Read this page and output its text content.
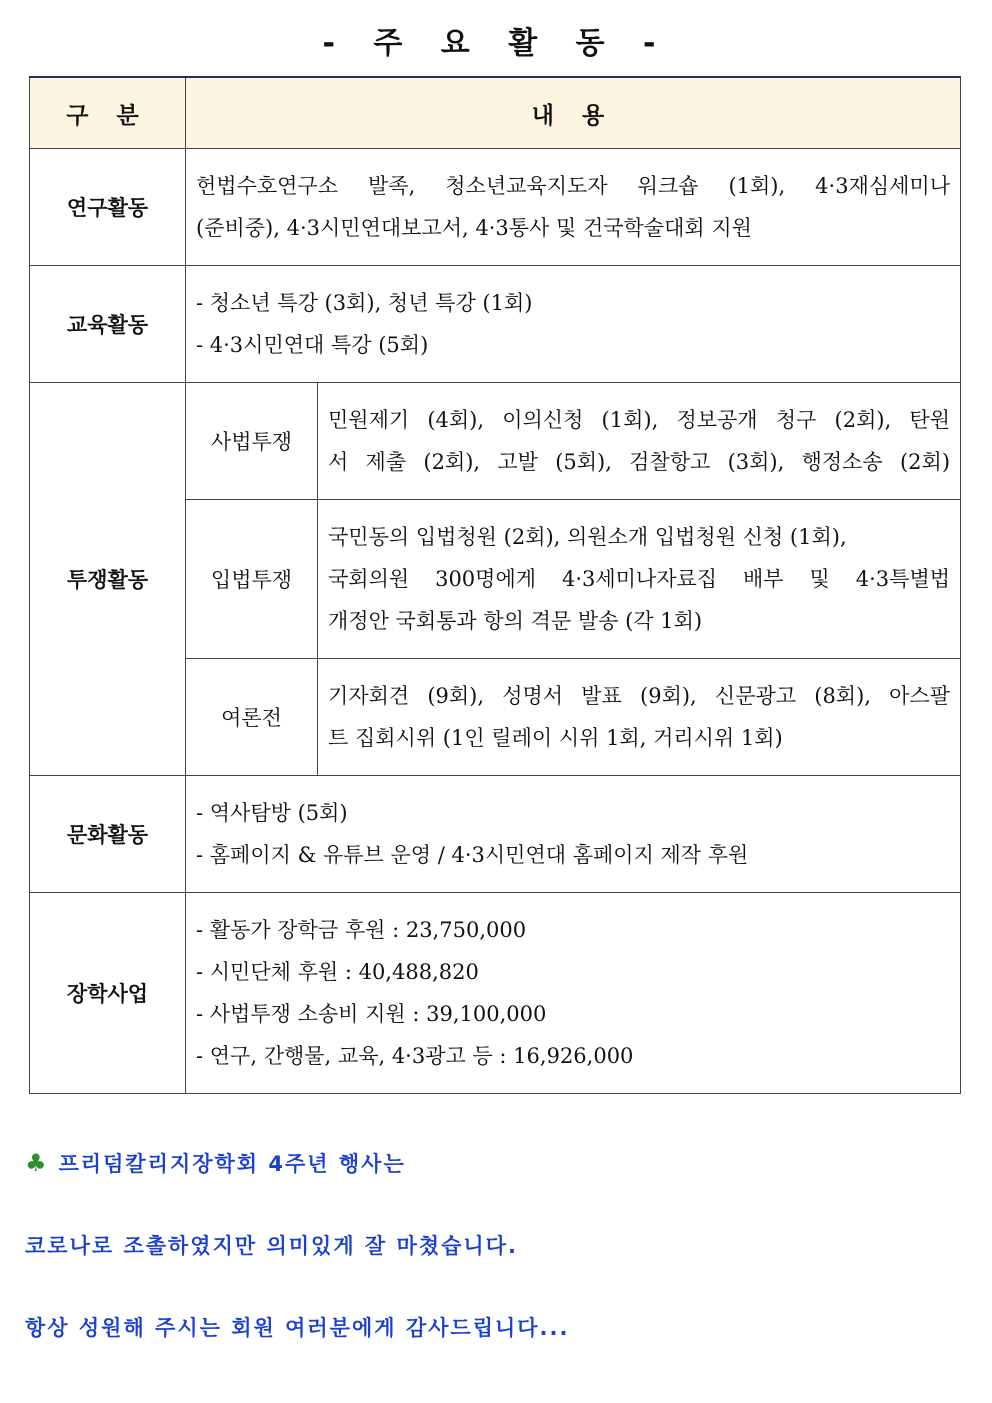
- 주 요 활 동 -
구 분	내 용	
연구활동	헌법수호연구소 발족, 청소년교육지도자 워크숍 (1회), 4·3재심세미나
(준비중), 4·3시민연대보고서, 4·3통사 및 건국학술대회 지원	

교육활동	- 청소년 특강 (3회), 청년 특강 (1회)
- 4·3시민연대 특강 (5회)	

투쟁활동	사법투쟁	민원제기 (4회), 이의신청 (1회), 정보공개 청구 (2회), 탄원
서 제출 (2회), 고발 (5회), 검찰항고 (3회), 행정소송 (2회)

	입법투쟁	국민동의 입법청원 (2회), 의원소개 입법청원 신청 (1회),
국회의원 300명에게 4·3세미나자료집 배부 및 4·3특별법
개정안 국회통과 항의 격문 발송 (각 1회)

	여론전	기자회견 (9회), 성명서 발표 (9회), 신문광고 (8회), 아스팔
트 집회시위 (1인 릴레이 시위 1회, 거리시위 1회)

문화활동	- 역사탐방 (5회)
- 홈페이지 & 유튜브 운영 / 4·3시민연대 홈페이지 제작 후원	

장학사업	- 활동가 장학금 후원 : 23,750,000
- 시민단체 후원 : 40,488,820
- 사법투쟁 소송비 지원 : 39,100,000
- 연구, 간행물, 교육, 4·3광고 등 : 16,926,000	
♣ 프리덤칼리지장학회 4주년 행사는
코로나로 조촐하였지만 의미있게 잘 마쳤습니다.
항상 성원해 주시는 회원 여러분에게 감사드립니다...
